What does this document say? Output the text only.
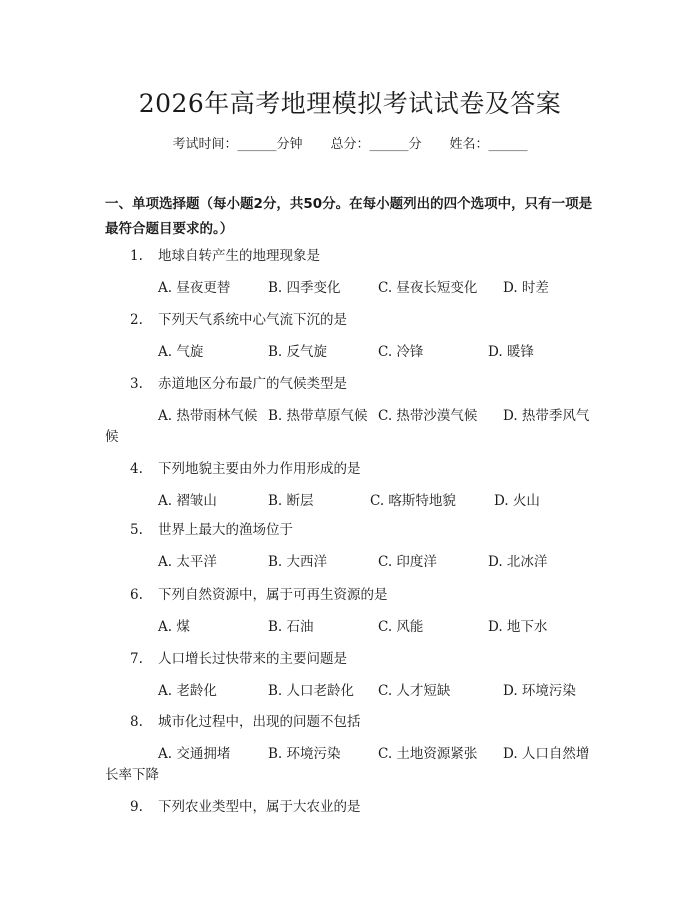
2026年高考地理模拟考试试卷及答案
考试时间：______分钟 总分：______分 姓名：______
一、单项选择题（每小题2分，共50分。在每小题列出的四个选项中，只有一项是最符合题目要求的。）
1. 地球自转产生的地理现象是
A. 昼夜更替	B. 四季变化	C. 昼夜长短变化 D. 时差
2. 下列天气系统中心气流下沉的是
A. 气旋	B. 反气旋	C. 冷锋	D. 暖锋
3. 赤道地区分布最广的气候类型是
A. 热带雨林气候 B. 热带草原气候 C. 热带沙漠气候 D. 热带季风气
候
4. 下列地貌主要由外力作用形成的是
A. 褶皱山	B. 断层	C. 喀斯特地貌	D. 火山
5. 世界上最大的渔场位于
A. 太平洋	B. 大西洋	C. 印度洋	D. 北冰洋
6. 下列自然资源中，属于可再生资源的是
A. 煤	B. 石油	C. 风能	D. 地下水
7. 人口增长过快带来的主要问题是
A. 老龄化	B. 人口老龄化 C. 人才短缺	D. 环境污染
8. 城市化过程中，出现的问题不包括
A. 交通拥堵	B. 环境污染	C. 土地资源紧张 D. 人口自然增
长率下降
9. 下列农业类型中，属于大农业的是
